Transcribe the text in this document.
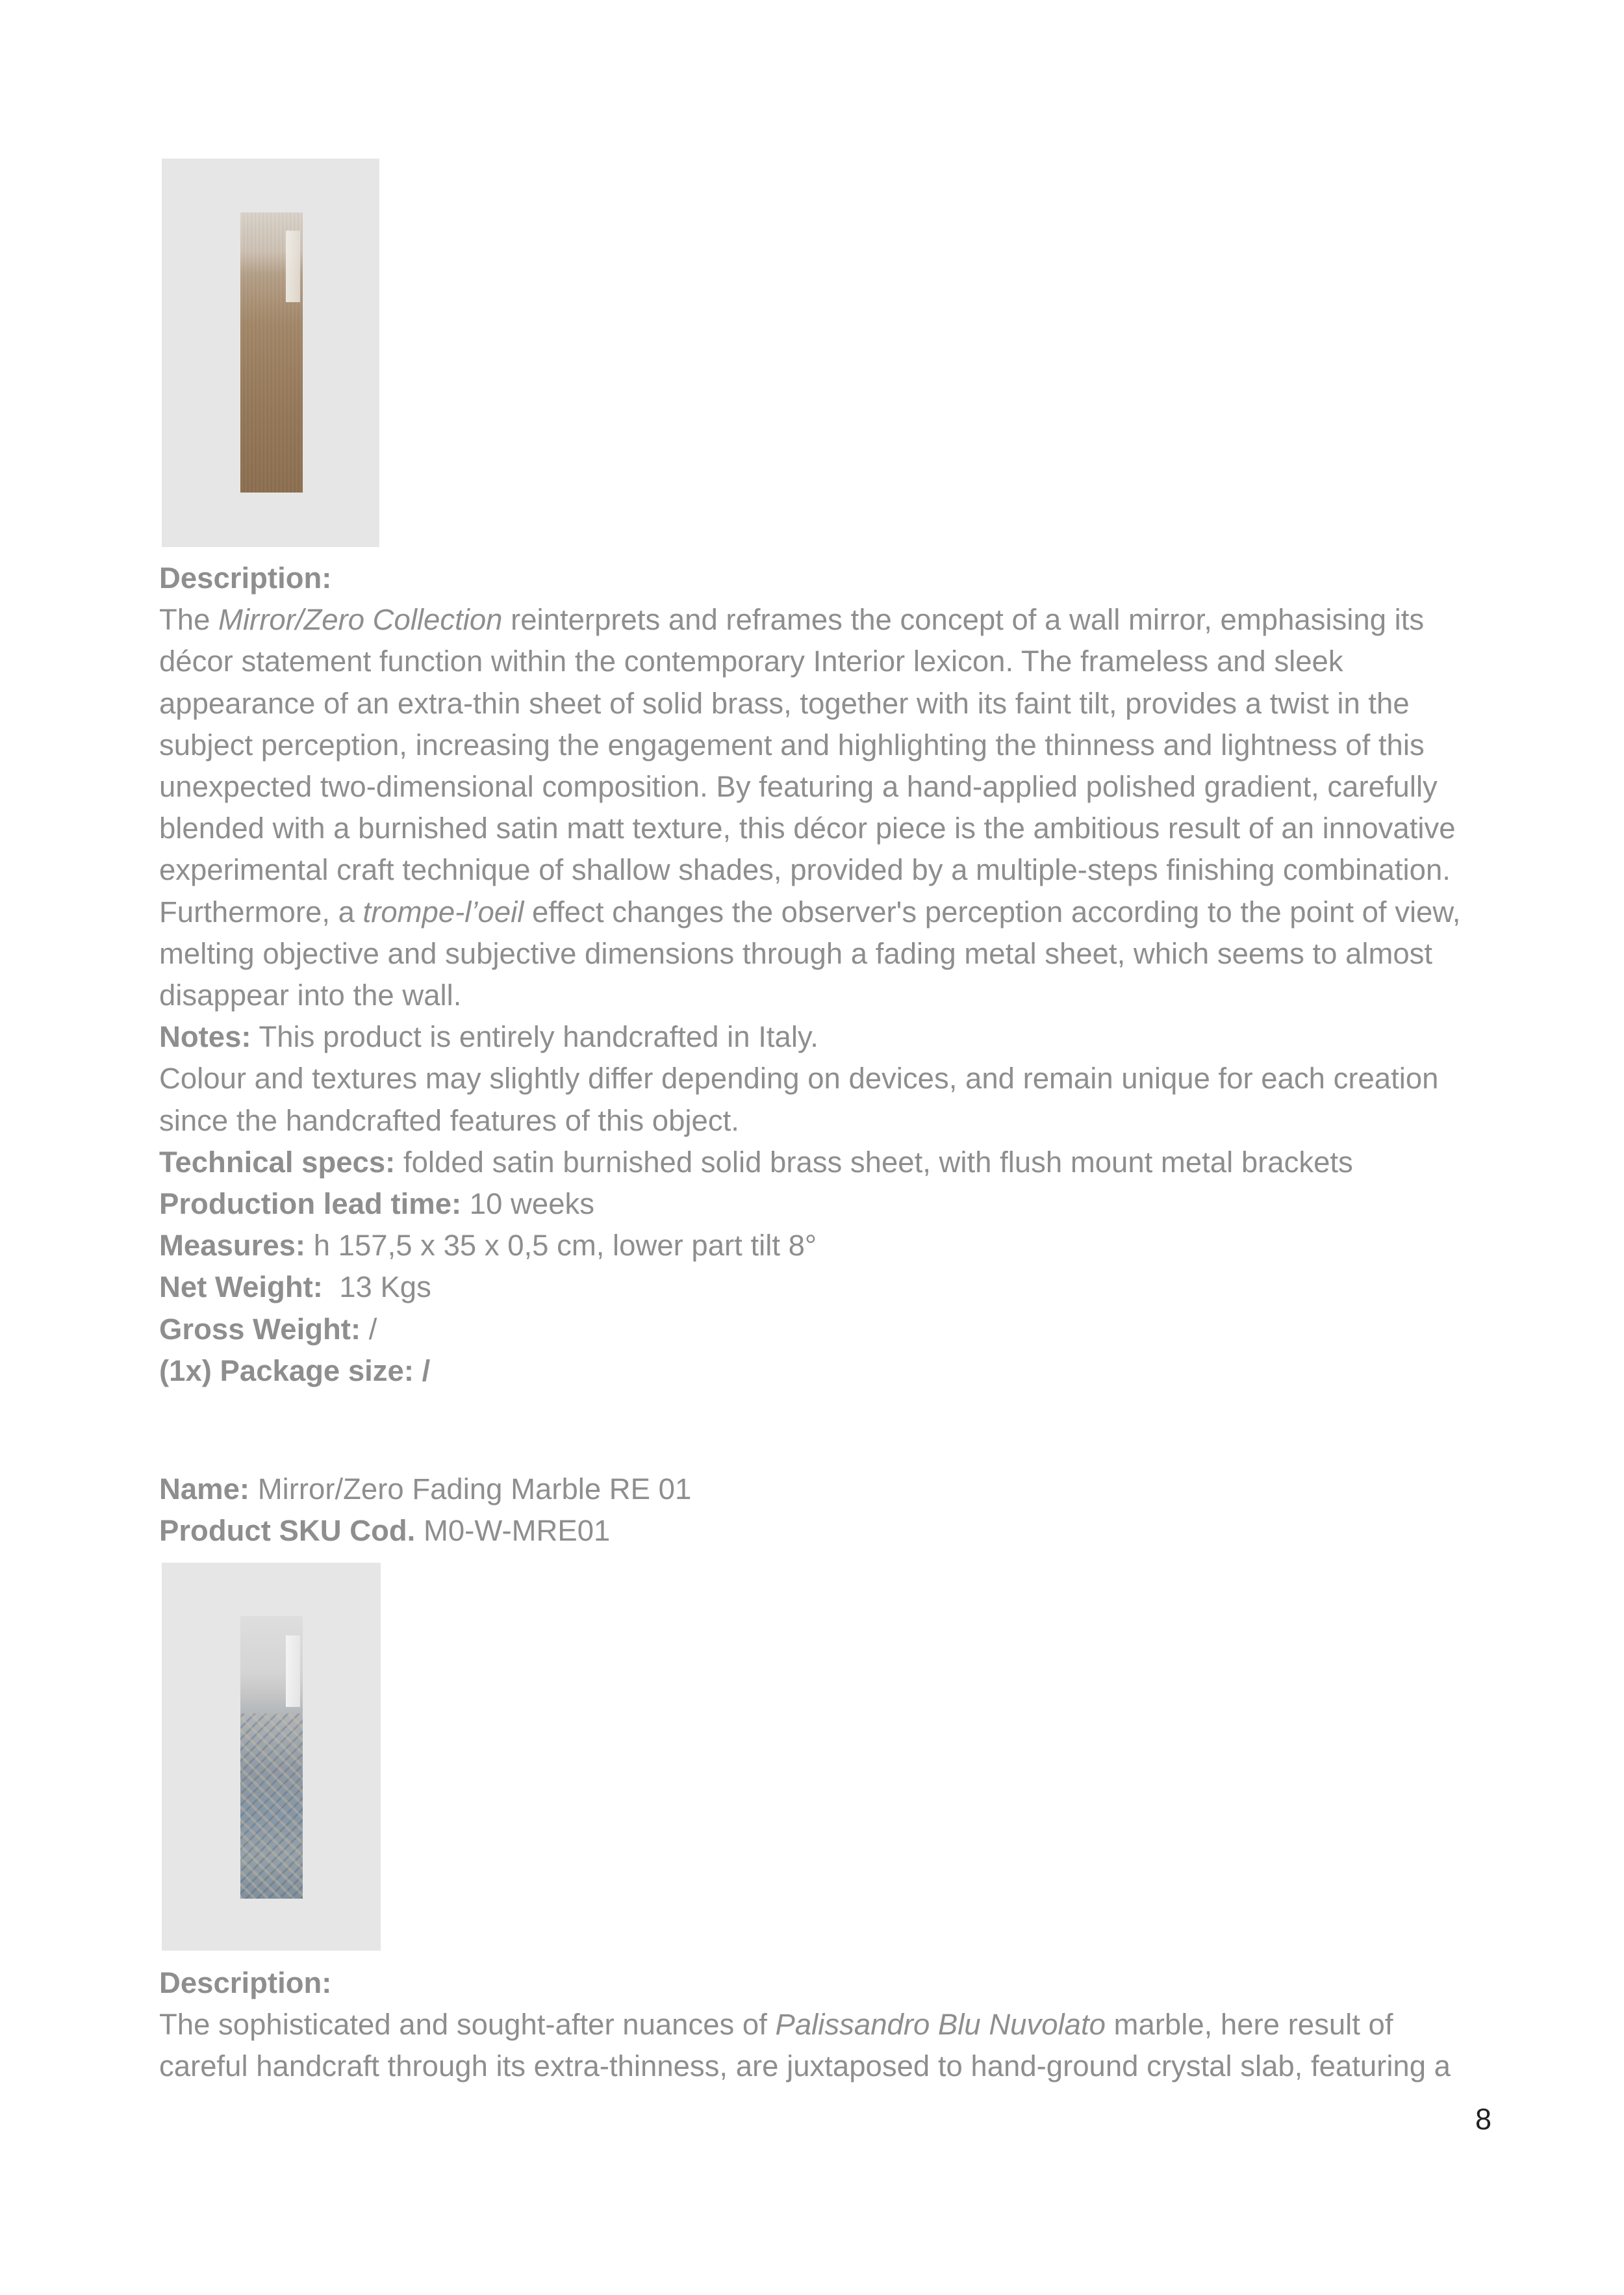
Description:

The Mirror/Zero Collection reinterprets and reframes the concept of a wall mirror, emphasising its décor statement function within the contemporary Interior lexicon. The frameless and sleek appearance of an extra-thin sheet of solid brass, together with its faint tilt, provides a twist in the subject perception, increasing the engagement and highlighting the thinness and lightness of this unexpected two-dimensional composition. By featuring a hand-applied polished gradient, carefully blended with a burnished satin matt texture, this décor piece is the ambitious result of an innovative experimental craft technique of shallow shades, provided by a multiple-steps finishing combination. Furthermore, a trompe-l’oeil effect changes the observer's perception according to the point of view, melting objective and subjective dimensions through a fading metal sheet, which seems to almost disappear into the wall.

Notes: This product is entirely handcrafted in Italy.

Colour and textures may slightly differ depending on devices, and remain unique for each creation since the handcrafted features of this object.

Technical specs: folded satin burnished solid brass sheet, with flush mount metal brackets

Production lead time: 10 weeks

Measures: h 157,5 x 35 x 0,5 cm, lower part tilt 8°

Net Weight:  13 Kgs

Gross Weight: /

(1x) Package size: /

Name: Mirror/Zero Fading Marble RE 01

Product SKU Cod. M0-W-MRE01

Description:

The sophisticated and sought-after nuances of Palissandro Blu Nuvolato marble, here result of careful handcraft through its extra-thinness, are juxtaposed to hand-ground crystal slab, featuring a

8
